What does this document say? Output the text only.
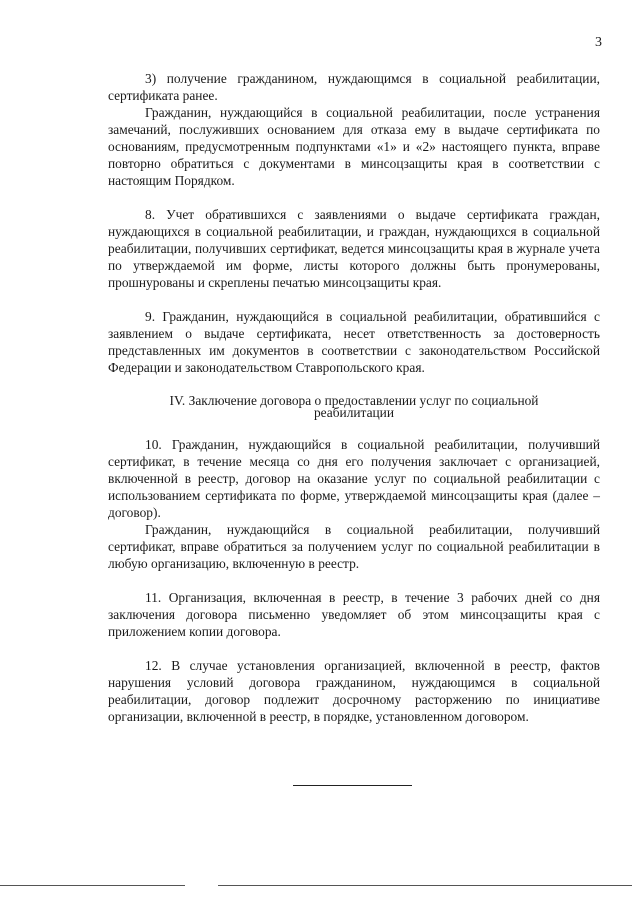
3

3) получение гражданином, нуждающимся в социальной реабилитации, сертификата ранее.

Гражданин, нуждающийся в социальной реабилитации, после устранения замечаний, послуживших основанием для отказа ему в выдаче сертификата по основаниям, предусмотренным подпунктами «1» и «2» настоящего пункта, вправе повторно обратиться с документами в минсоцзащиты края в соответствии с настоящим Порядком.

8. Учет обратившихся с заявлениями о выдаче сертификата граждан, нуждающихся в социальной реабилитации, и граждан, нуждающихся в социальной реабилитации, получивших сертификат, ведется минсоцзащиты края в журнале учета по утверждаемой им форме, листы которого должны быть пронумерованы, прошнурованы и скреплены печатью минсоцзащиты края.

9. Гражданин, нуждающийся в социальной реабилитации, обратившийся с заявлением о выдаче сертификата, несет ответственность за достоверность представленных им документов в соответствии с законодательством Российской Федерации и законодательством Ставропольского края.

IV. Заключение договора о предоставлении услуг по социальной реабилитации

10. Гражданин, нуждающийся в социальной реабилитации, получивший сертификат, в течение месяца со дня его получения заключает с организацией, включенной в реестр, договор на оказание услуг по социальной реабилитации с использованием сертификата по форме, утверждаемой минсоцзащиты края (далее – договор).

Гражданин, нуждающийся в социальной реабилитации, получивший сертификат, вправе обратиться за получением услуг по социальной реабилитации в любую организацию, включенную в реестр.

11. Организация, включенная в реестр, в течение 3 рабочих дней со дня заключения договора письменно уведомляет об этом минсоцзащиты края с приложением копии договора.

12. В случае установления организацией, включенной в реестр, фактов нарушения условий договора гражданином, нуждающимся в социальной реабилитации, договор подлежит досрочному расторжению по инициативе организации, включенной в реестр, в порядке, установленном договором.
